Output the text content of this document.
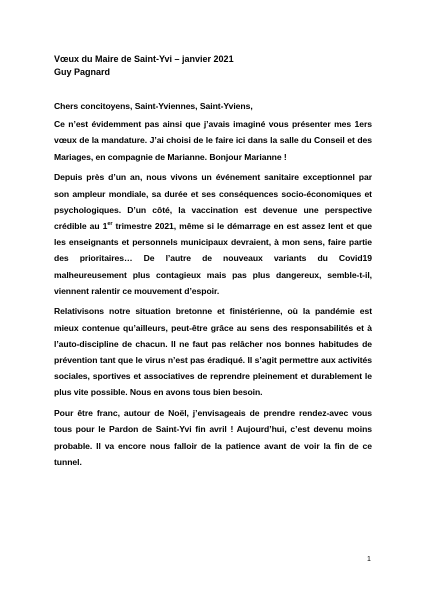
Vœux du Maire de Saint-Yvi – janvier 2021
Guy Pagnard
Chers concitoyens, Saint-Yviennes, Saint-Yviens,

Ce n’est évidemment pas ainsi que j’avais imaginé vous présenter mes 1ers vœux de la mandature. J’ai choisi de le faire ici dans la salle du Conseil et des Mariages, en compagnie de Marianne. Bonjour Marianne !

Depuis près d’un an, nous vivons un événement sanitaire exceptionnel par son ampleur mondiale, sa durée et ses conséquences socio-économiques et psychologiques. D’un côté, la vaccination est devenue une perspective crédible au 1er trimestre 2021, même si le démarrage en est assez lent et que les enseignants et personnels municipaux devraient, à mon sens, faire partie des prioritaires… De l’autre de nouveaux variants du Covid19 malheureusement plus contagieux mais pas plus dangereux, semble-t-il, viennent ralentir ce mouvement d’espoir.

Relativisons notre situation bretonne et finistérienne, où la pandémie est mieux contenue qu’ailleurs, peut-être grâce au sens des responsabilités et à l’auto-discipline de chacun. Il ne faut pas relâcher nos bonnes habitudes de prévention tant que le virus n’est pas éradiqué. Il s’agit permettre aux activités sociales, sportives et associatives de reprendre pleinement et durablement le plus vite possible. Nous en avons tous bien besoin.

Pour être franc, autour de Noël, j’envisageais de prendre rendez-avec vous tous pour le Pardon de Saint-Yvi fin avril ! Aujourd’hui, c’est devenu moins probable. Il va encore nous falloir de la patience avant de voir la fin de ce tunnel.

1
